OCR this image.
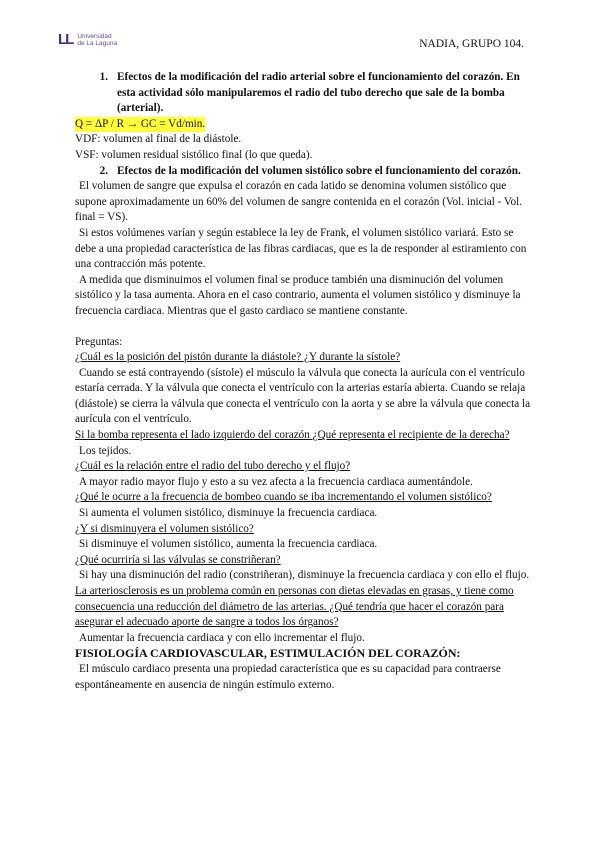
LL Universidad
de La Laguna	NADIA, GRUPO 104.
1. Efectos de la modificación del radio arterial sobre el funcionamiento del corazón. En esta actividad sólo manipularemos el radio del tubo derecho que sale de la bomba (arterial).

Q = ΔP / R → GC = Vd/min.

VDF: volumen al final de la diástole.

VSF: volumen residual sistólico final (lo que queda).

2. Efectos de la modificación del volumen sistólico sobre el funcionamiento del corazón.

El volumen de sangre que expulsa el corazón en cada latido se denomina volumen sistólico que supone aproximadamente un 60% del volumen de sangre contenida en el corazón (Vol. inicial - Vol. final = VS).

Si estos volúmenes varían y según establece la ley de Frank, el volumen sistólico variará. Esto se debe a una propiedad característica de las fibras cardiacas, que es la de responder al estiramiento con una contracción más potente.

A medida que disminuimos el volumen final se produce también una disminución del volumen sistólico y la tasa aumenta. Ahora en el caso contrario, aumenta el volumen sistólico y disminuye la frecuencia cardiaca. Mientras que el gasto cardiaco se mantiene constante.

Preguntas:

¿Cuál es la posición del pistón durante la diástole? ¿Y durante la sístole?

Cuando se está contrayendo (sístole) el músculo la válvula que conecta la aurícula con el ventrículo estaría cerrada. Y la válvula que conecta el ventrículo con la arterias estaría abierta. Cuando se relaja (diástole) se cierra la válvula que conecta el ventrículo con la aorta y se abre la válvula que conecta la aurícula con el ventrículo.

Si la bomba representa el lado izquierdo del corazón ¿Qué representa el recipiente de la derecha?

Los tejidos.

¿Cuál es la relación entre el radio del tubo derecho y el flujo?

A mayor radio mayor flujo y esto a su vez afecta a la frecuencia cardiaca aumentándole.

¿Qué le ocurre a la frecuencia de bombeo cuando se iba incrementando el volumen sistólico?

Si aumenta el volumen sistólico, disminuye la frecuencia cardiaca.

¿Y si disminuyera el volumen sistólico?

Si disminuye el volumen sistólico, aumenta la frecuencia cardiaca.

¿Qué ocurriría si las válvulas se constriñeran?

Si hay una disminución del radio (constriñeran), disminuye la frecuencia cardiaca y con ello el flujo.

La arteriosclerosis es un problema común en personas con dietas elevadas en grasas, y tiene como consecuencia una reducción del diámetro de las arterias. ¿Qué tendría que hacer el corazón para asegurar el adecuado aporte de sangre a todos los órganos?

Aumentar la frecuencia cardiaca y con ello incrementar el flujo.

FISIOLOGÍA CARDIOVASCULAR, ESTIMULACIÓN DEL CORAZÓN:

El músculo cardiaco presenta una propiedad característica que es su capacidad para contraerse espontáneamente en ausencia de ningún estímulo externo.
